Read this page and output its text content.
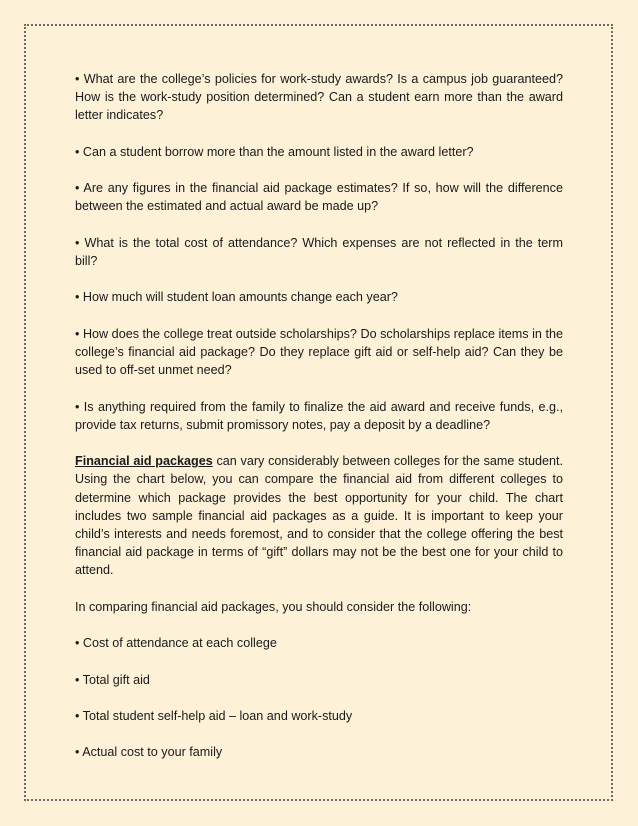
• What are the college’s policies for work-study awards? Is a campus job guaranteed? How is the work-study position determined? Can a student earn more than the award letter indicates?

• Can a student borrow more than the amount listed in the award letter?

• Are any figures in the financial aid package estimates? If so, how will the difference between the estimated and actual award be made up?

• What is the total cost of attendance? Which expenses are not reflected in the term bill?

• How much will student loan amounts change each year?

• How does the college treat outside scholarships? Do scholarships replace items in the college’s financial aid package? Do they replace gift aid or self-help aid? Can they be used to off-set unmet need?

• Is anything required from the family to finalize the aid award and receive funds, e.g., provide tax returns, submit promissory notes, pay a deposit by a deadline?

Financial aid packages can vary considerably between colleges for the same student. Using the chart below, you can compare the financial aid from different colleges to determine which package provides the best opportunity for your child. The chart includes two sample financial aid packages as a guide. It is important to keep your child’s interests and needs foremost, and to consider that the college offering the best financial aid package in terms of “gift” dollars may not be the best one for your child to attend.

In comparing financial aid packages, you should consider the following:

• Cost of attendance at each college

• Total gift aid

• Total student self-help aid – loan and work-study

• Actual cost to your family
